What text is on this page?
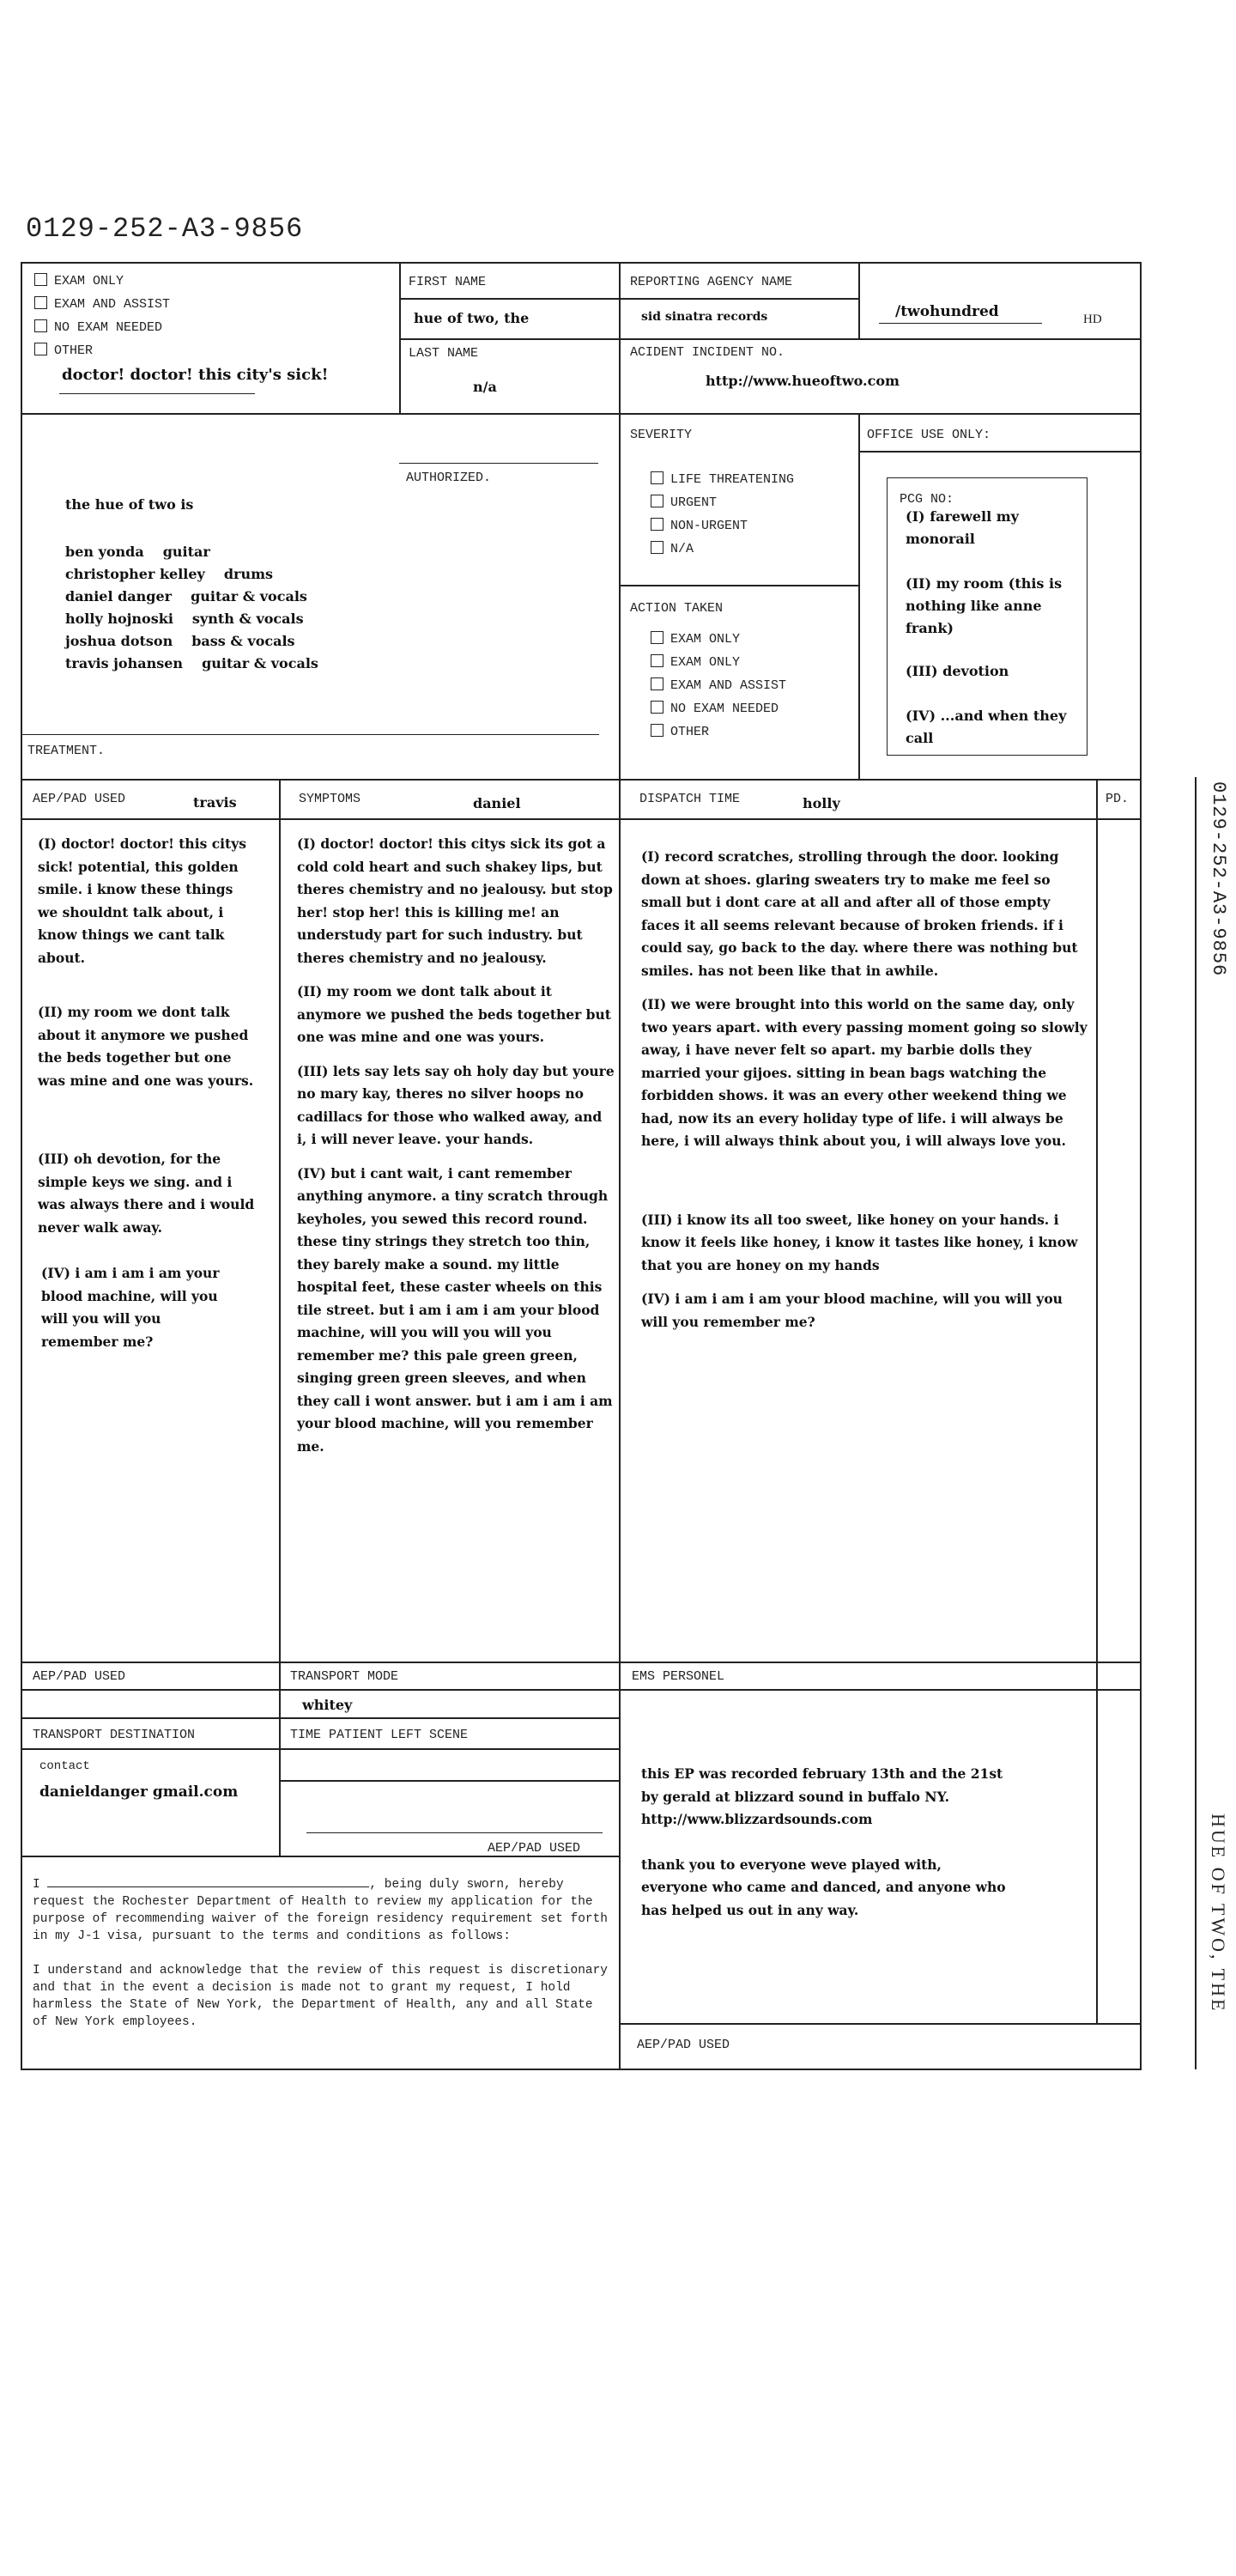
0129-252-A3-9856
EXAM ONLY
EXAM AND ASSIST
NO EXAM NEEDED
OTHER
doctor! doctor! this city's sick!
FIRST NAME
hue of two, the
LAST NAME
n/a
REPORTING AGENCY NAME
sid sinatra records	/twohundred	HD
ACIDENT INCIDENT NO.
http://www.hueoftwo.com
AUTHORIZED.
the hue of two is
ben yonda guitar
christopher kelley drums
daniel danger guitar & vocals
holly hojnoski synth & vocals
joshua dotson bass & vocals
travis johansen guitar & vocals
TREATMENT.
SEVERITY
LIFE THREATENING
URGENT
NON-URGENT
N/A
ACTION TAKEN
EXAM ONLY
EXAM ONLY
EXAM AND ASSIST
NO EXAM NEEDED
OTHER
OFFICE USE ONLY:
PCG NO:
(I) farewell my monorail
(II) my room (this is nothing like anne frank)
(III) devotion
(IV) ...and when they call
AEP/PAD USED	travis	SYMPTOMS	daniel	DISPATCH TIME	holly	PD.

(I) doctor! doctor! this citys sick! potential, this golden smile. i know these things we shouldnt talk about, i know things we cant talk about.

(II) my room we dont talk about it anymore we pushed the beds together but one was mine and one was yours.

(III) oh devotion, for the simple keys we sing. and i was always there and i would never walk away.

(IV) i am i am i am your blood machine, will you will you will you remember me?

(I) doctor! doctor! this citys sick its got a cold cold heart and such shakey lips, but theres chemistry and no jealousy. but stop her! stop her! this is killing me! an understudy part for such industry. but theres chemistry and no jealousy.

(II) my room we dont talk about it anymore we pushed the beds together but one was mine and one was yours.

(III) lets say lets say oh holy day but youre no mary kay, theres no silver hoops no cadillacs for those who walked away, and i, i will never leave. your hands.

(IV) but i cant wait, i cant remember anything anymore. a tiny scratch through keyholes, you sewed this record round. these tiny strings they stretch too thin, they barely make a sound. my little hospital feet, these caster wheels on this tile street. but i am i am i am your blood machine, will you will you will you remember me? this pale green green, singing green green sleeves, and when they call i wont answer. but i am i am i am your blood machine, will you remember me.

(I) record scratches, strolling through the door. looking down at shoes. glaring sweaters try to make me feel so small but i dont care at all and after all of those empty faces it all seems relevant because of broken friends. if i could say, go back to the day. where there was nothing but smiles. has not been like that in awhile.

(II) we were brought into this world on the same day, only two years apart. with every passing moment going so slowly away, i have never felt so apart. my barbie dolls they married your gijoes. sitting in bean bags watching the forbidden shows. it was an every other weekend thing we had, now its an every holiday type of life. i will always be here, i will always think about you, i will always love you.

(III) i know its all too sweet, like honey on your hands. i know it feels like honey, i know it tastes like honey, i know that you are honey on my hands

(IV) i am i am i am your blood machine, will you will you will you remember me?

AEP/PAD USED	TRANSPORT MODE
whitey
TRANSPORT DESTINATION	TIME PATIENT LEFT SCENE
contact
danieldanger gmail.com
AEP/PAD USED
EMS PERSONEL

this EP was recorded february 13th and the 21st by gerald at blizzard sound in buffalo NY. http://www.blizzardsounds.com

thank you to everyone weve played with, everyone who came and danced, and anyone who has helped us out in any way.

AEP/PAD USED
I	, being duly sworn, hereby request the Rochester Department of Health to review my application for the purpose of recommending waiver of the foreign residency requirement set forth in my J-1 visa, pursuant to the terms and conditions as follows:
I understand and acknowledge that the review of this request is discretionary and that in the event a decision is made not to grant my request, I hold harmless the State of New York, the Department of Health, any and all State of New York employees.
0129-252-A3-9856
HUE OF TWO, THE
